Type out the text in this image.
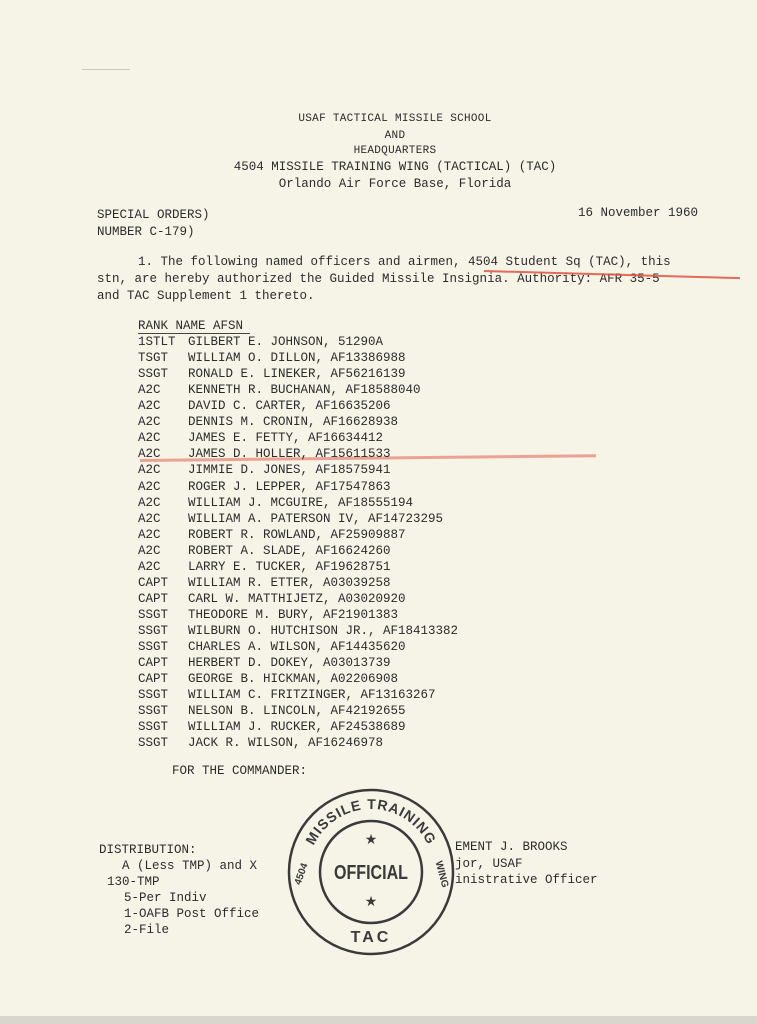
USAF TACTICAL MISSILE SCHOOL
AND
HEADQUARTERS
4504 MISSILE TRAINING WING (TACTICAL) (TAC)
Orlando Air Force Base, Florida
SPECIAL ORDERS)
NUMBER C-179)
16 November 1960
1. The following named officers and airmen, 4504 Student Sq (TAC), this
stn, are hereby authorized the Guided Missile Insignia. Authority: AFR 35-5
and TAC Supplement 1 thereto.
RANK NAME AFSN
1STLT GILBERT E. JOHNSON, 51290A
TSGT WILLIAM O. DILLON, AF13386988
SSGT RONALD E. LINEKER, AF56216139
A2C KENNETH R. BUCHANAN, AF18588040
A2C DAVID C. CARTER, AF16635206
A2C DENNIS M. CRONIN, AF16628938
A2C JAMES E. FETTY, AF16634412
A2C JAMES D. HOLLER, AF15611533
A2C JIMMIE D. JONES, AF18575941
A2C ROGER J. LEPPER, AF17547863
A2C WILLIAM J. MCGUIRE, AF18555194
A2C WILLIAM A. PATERSON IV, AF14723295
A2C ROBERT R. ROWLAND, AF25909887
A2C ROBERT A. SLADE, AF16624260
A2C LARRY E. TUCKER, AF19628751
CAPT WILLIAM R. ETTER, A03039258
CAPT CARL W. MATTHIJETZ, A03020920
SSGT THEODORE M. BURY, AF21901383
SSGT WILBURN O. HUTCHISON JR., AF18413382
SSGT CHARLES A. WILSON, AF14435620
CAPT HERBERT D. DOKEY, A03013739
CAPT GEORGE B. HICKMAN, A02206908
SSGT WILLIAM C. FRITZINGER, AF13163267
SSGT NELSON B. LINCOLN, AF42192655
SSGT WILLIAM J. RUCKER, AF24538689
SSGT JACK R. WILSON, AF16246978
FOR THE COMMANDER:
EMENT J. BROOKS
jor, USAF
inistrative Officer
DISTRIBUTION:
A (Less TMP) and X
130-TMP
5-Per Indiv
1-OAFB Post Office
2-File
MISSILE TRAINING
4504	WING
★
OFFICIAL
★
TAC
